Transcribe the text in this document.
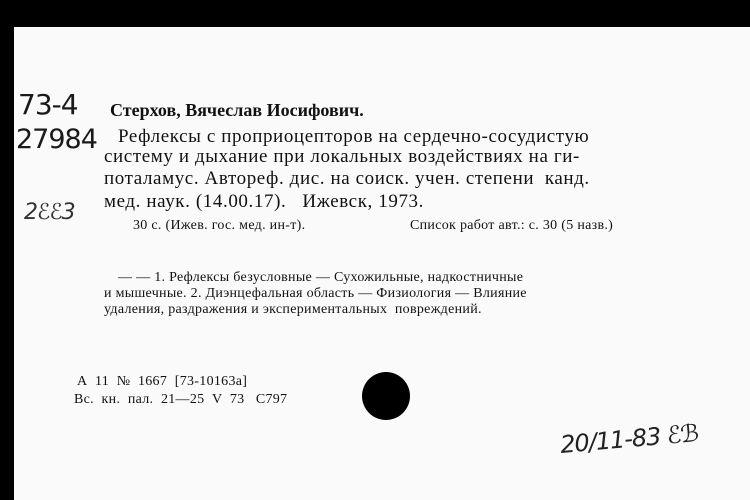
73-4
27984
2ℰℰ3
20/11-83 ℰℬ
Стерхов, Вячеслав Иосифович.
Рефлексы с проприоцепторов на сердечно-сосудистую
систему и дыхание при локальных воздействиях на ги-
поталамус. Автореф. дис. на соиск. учен. степени  канд.
мед. наук. (14.00.17).   Ижевск, 1973.
30 с. (Ижев. гос. мед. ин-т).	Список работ авт.: с. 30 (5 назв.)
— — 1. Рефлексы безусловные — Сухожильные, надкостничные
и мышечные. 2. Диэнцефальная область — Физиология — Влияние
удаления, раздражения и экспериментальных  повреждений.
А  11  №  1667  [73-10163а]
Вс.  кн.  пал.  21—25  V  73   С797
